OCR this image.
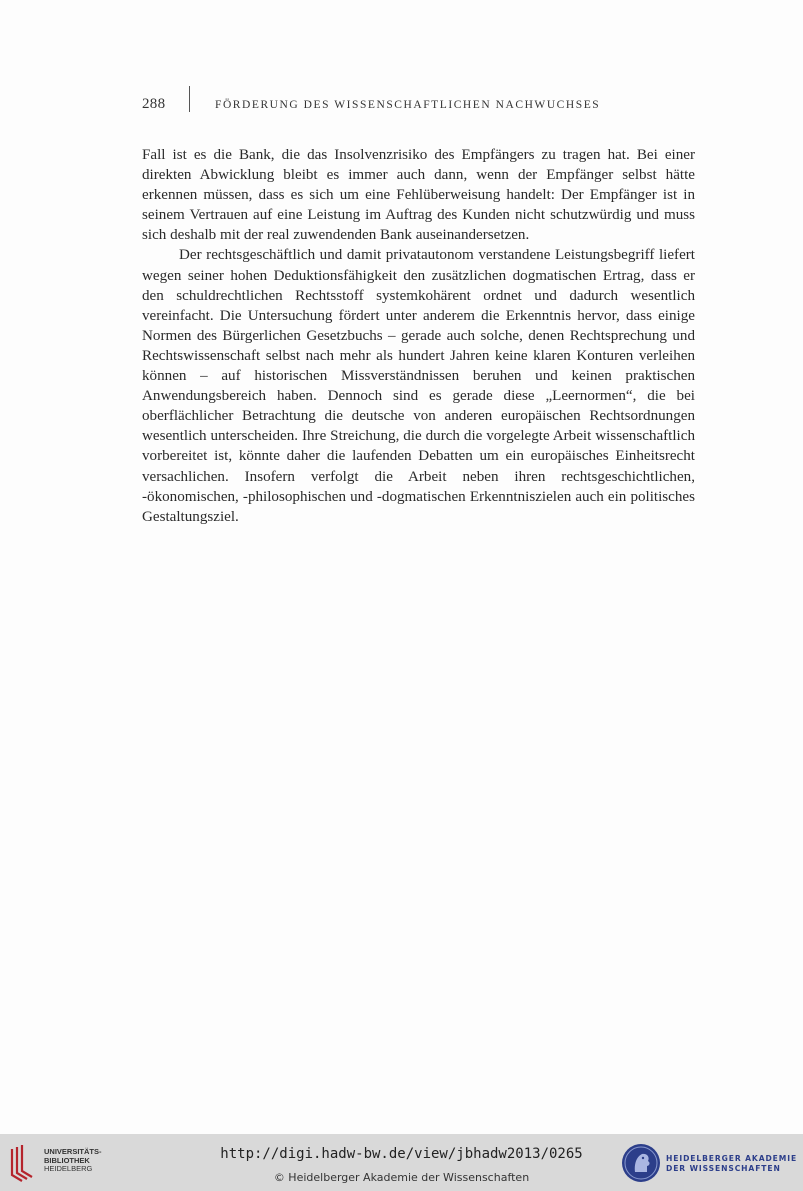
288	FÖRDERUNG DES WISSENSCHAFTLICHEN NACHWUCHSES

Fall ist es die Bank, die das Insolvenzrisiko des Empfängers zu tragen hat. Bei einer direkten Abwicklung bleibt es immer auch dann, wenn der Empfänger selbst hätte erkennen müssen, dass es sich um eine Fehlüberweisung handelt: Der Empfänger ist in seinem Vertrauen auf eine Leistung im Auftrag des Kunden nicht schutzwürdig und muss sich deshalb mit der real zuwendenden Bank auseinandersetzen.

Der rechtsgeschäftlich und damit privatautonom verstandene Leistungsbegriff liefert wegen seiner hohen Deduktionsfähigkeit den zusätzlichen dogmatischen Ertrag, dass er den schuldrechtlichen Rechtsstoff systemkohärent ordnet und dadurch wesentlich vereinfacht. Die Untersuchung fördert unter anderem die Erkenntnis hervor, dass einige Normen des Bürgerlichen Gesetzbuchs – gerade auch solche, denen Rechtsprechung und Rechtswissenschaft selbst nach mehr als hundert Jahren keine klaren Konturen verleihen können – auf historischen Missverständnissen beruhen und keinen praktischen Anwendungsbereich haben. Dennoch sind es gerade diese „Leernormen“, die bei oberflächlicher Betrachtung die deutsche von anderen europäischen Rechtsordnungen wesentlich unterscheiden. Ihre Streichung, die durch die vorgelegte Arbeit wissenschaftlich vorbereitet ist, könnte daher die laufenden Debatten um ein europäisches Einheitsrecht versachlichen. Insofern verfolgt die Arbeit neben ihren rechtsgeschichtlichen, -ökonomischen, -philosophischen und -dogmatischen Erkenntniszielen auch ein politisches Gestaltungsziel.

UNIVERSITÄTS-
BIBLIOTHEK
HEIDELBERG
http://digi.hadw-bw.de/view/jbhadw2013/0265
© Heidelberger Akademie der Wissenschaften
HEIDELBERGER AKADEMIE
DER WISSENSCHAFTEN
